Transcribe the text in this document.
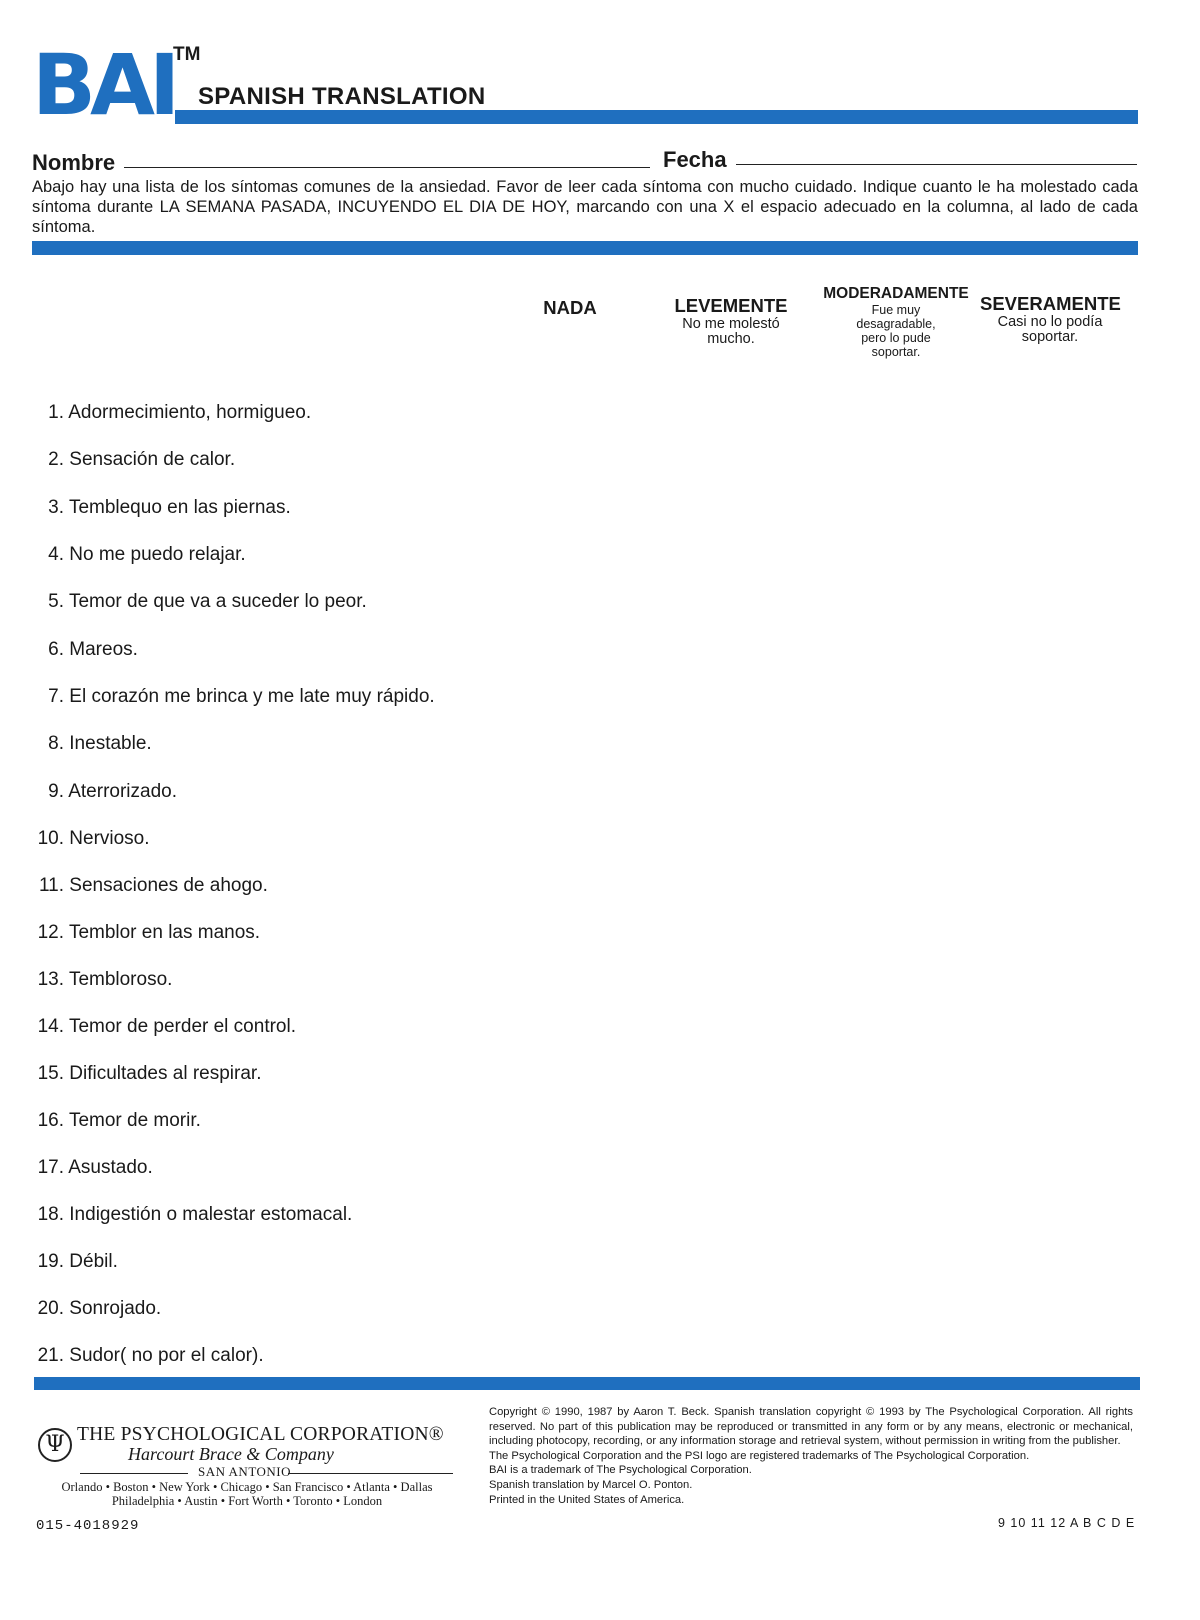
BAI
TM
SPANISH TRANSLATION
Nombre	Fecha
Abajo hay una lista de los síntomas comunes de la ansiedad. Favor de leer cada síntoma con mucho cuidado. Indique cuanto le ha molestado cada síntoma durante LA SEMANA PASADA, INCUYENDO EL DIA DE HOY, marcando con una X el espacio adecuado en la columna, al lado de cada síntoma.
NADA	LEVEMENTE
No me molestó mucho.
MODERADAMENTE
Fue muy desagradable, pero lo pude soportar.
SEVERAMENTE
Casi no lo podía soportar.
1. Adormecimiento, hormigueo.
2. Sensación de calor.
3. Temblequo en las piernas.
4. No me puedo relajar.
5. Temor de que va a suceder lo peor.
6. Mareos.
7. El corazón me brinca y me late muy rápido.
8. Inestable.
9. Aterrorizado.
10. Nervioso.
11. Sensaciones de ahogo.
12. Temblor en las manos.
13. Tembloroso.
14. Temor de perder el control.
15. Dificultades al respirar.
16. Temor de morir.
17. Asustado.
18. Indigestión o malestar estomacal.
19. Débil.
20. Sonrojado.
21. Sudor( no por el calor).
Ψ THE PSYCHOLOGICAL CORPORATION®
Harcourt Brace & Company
SAN ANTONIO
Orlando • Boston • New York • Chicago • San Francisco • Atlanta • Dallas
Philadelphia • Austin • Fort Worth • Toronto • London
015-4018929
Copyright © 1990, 1987 by Aaron T. Beck. Spanish translation copyright © 1993 by The Psychological Corporation. All rights reserved. No part of this publication may be reproduced or transmitted in any form or by any means, electronic or mechanical, including photocopy, recording, or any information storage and retrieval system, without permission in writing from the publisher.
The Psychological Corporation and the PSI logo are registered trademarks of The Psychological Corporation.
BAI is a trademark of The Psychological Corporation.
Spanish translation by Marcel O. Ponton.
Printed in the United States of America.
9 10 11 12 A B C D E
